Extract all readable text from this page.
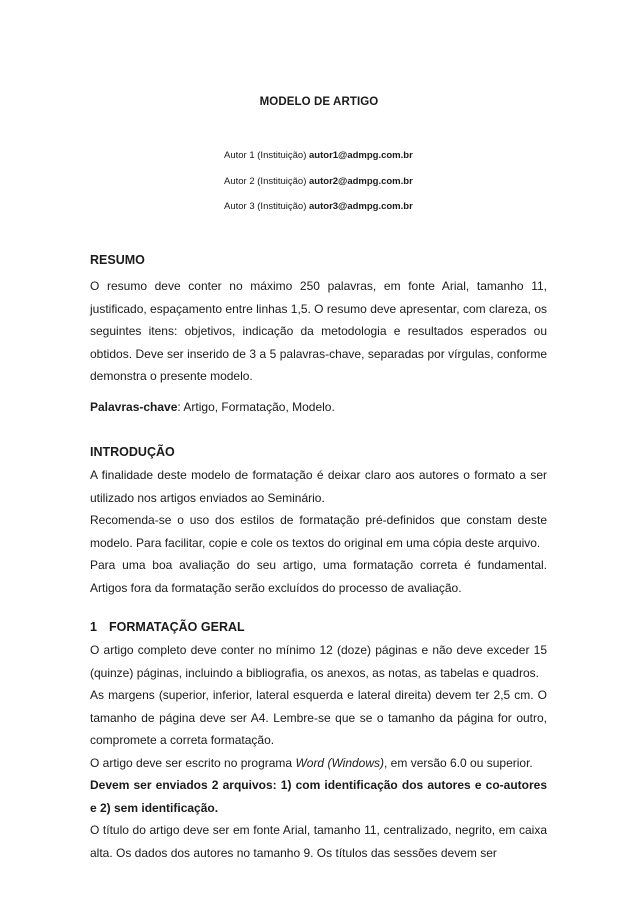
MODELO DE ARTIGO
Autor 1 (Instituição) autor1@admpg.com.br
Autor 2 (Instituição) autor2@admpg.com.br
Autor 3 (Instituição) autor3@admpg.com.br
RESUMO

O resumo deve conter no máximo 250 palavras, em fonte Arial, tamanho 11, justificado, espaçamento entre linhas 1,5. O resumo deve apresentar, com clareza, os seguintes itens: objetivos, indicação da metodologia e resultados esperados ou obtidos. Deve ser inserido de 3 a 5 palavras-chave, separadas por vírgulas, conforme demonstra o presente modelo.

Palavras-chave: Artigo, Formatação, Modelo.

INTRODUÇÃO

A finalidade deste modelo de formatação é deixar claro aos autores o formato a ser utilizado nos artigos enviados ao Seminário.

Recomenda-se o uso dos estilos de formatação pré-definidos que constam deste modelo. Para facilitar, copie e cole os textos do original em uma cópia deste arquivo.

Para uma boa avaliação do seu artigo, uma formatação correta é fundamental. Artigos fora da formatação serão excluídos do processo de avaliação.

1 FORMATAÇÃO GERAL

O artigo completo deve conter no mínimo 12 (doze) páginas e não deve exceder 15 (quinze) páginas, incluindo a bibliografia, os anexos, as notas, as tabelas e quadros.

As margens (superior, inferior, lateral esquerda e lateral direita) devem ter 2,5 cm. O tamanho de página deve ser A4. Lembre-se que se o tamanho da página for outro, compromete a correta formatação.

O artigo deve ser escrito no programa Word (Windows), em versão 6.0 ou superior.

Devem ser enviados 2 arquivos: 1) com identificação dos autores e co-autores e 2) sem identificação.

O título do artigo deve ser em fonte Arial, tamanho 11, centralizado, negrito, em caixa alta. Os dados dos autores no tamanho 9. Os títulos das sessões devem ser
